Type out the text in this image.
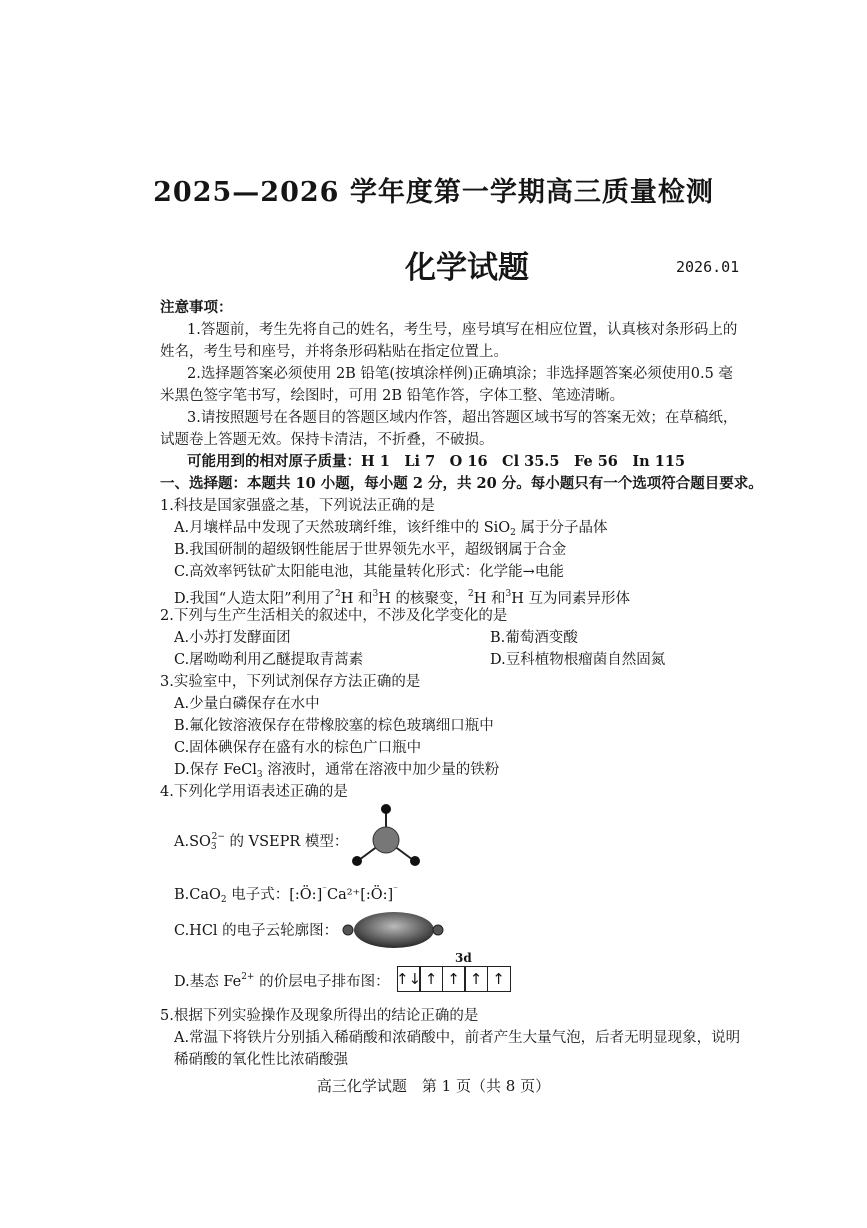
2025—2026 学年度第一学期高三质量检测
化学试题	2026.01
注意事项：
1.答题前，考生先将自己的姓名，考生号，座号填写在相应位置，认真核对条形码上的
姓名，考生号和座号，并将条形码粘贴在指定位置上。
2.选择题答案必须使用 2B 铅笔(按填涂样例)正确填涂；非选择题答案必须使用0.5 毫
米黑色签字笔书写，绘图时，可用 2B 铅笔作答，字体工整、笔迹清晰。
3.请按照题号在各题目的答题区域内作答，超出答题区域书写的答案无效；在草稿纸，
试题卷上答题无效。保持卡清洁，不折叠，不破损。
可能用到的相对原子质量：H 1　Li 7　O 16　Cl 35.5　Fe 56　In 115
一、选择题：本题共 10 小题，每小题 2 分，共 20 分。每小题只有一个选项符合题目要求。
1.科技是国家强盛之基，下列说法正确的是
A.月壤样品中发现了天然玻璃纤维，该纤维中的 SiO$_2$ 属于分子晶体
B.我国研制的超级钢性能居于世界领先水平，超级钢属于合金
C.高效率钙钛矿太阳能电池，其能量转化形式：化学能→电能
D.我国“人造太阳”利用了$^2$H 和$^3$H 的核聚变，$^2$H 和$^3$H 互为同素异形体
2.下列与生产生活相关的叙述中，不涉及化学变化的是
A.小苏打发酵面团	B.葡萄酒变酸
C.屠呦呦利用乙醚提取青蒿素	D.豆科植物根瘤菌自然固氮
3.实验室中，下列试剂保存方法正确的是
A.少量白磷保存在水中
B.氟化铵溶液保存在带橡胶塞的棕色玻璃细口瓶中
C.固体碘保存在盛有水的棕色广口瓶中
D.保存 FeCl$_3$ 溶液时，通常在溶液中加少量的铁粉
4.下列化学用语表述正确的是
$A.SO_3^{2-}$ 的 VSEPR 模型：
B.CaO$_2$ 电子式：[:Ö:]⁻Ca²⁺[:Ö:]⁻
C.HCl 的电子云轮廓图：
D.基态 $Fe^{2+}$ 的价层电子排布图：
3d
↑↓ ↑ ↑ ↑ ↑
5.根据下列实验操作及现象所得出的结论正确的是
A.常温下将铁片分别插入稀硝酸和浓硝酸中，前者产生大量气泡，后者无明显现象，说明
稀硝酸的氧化性比浓硝酸强
高三化学试题　第 1 页（共 8 页）
